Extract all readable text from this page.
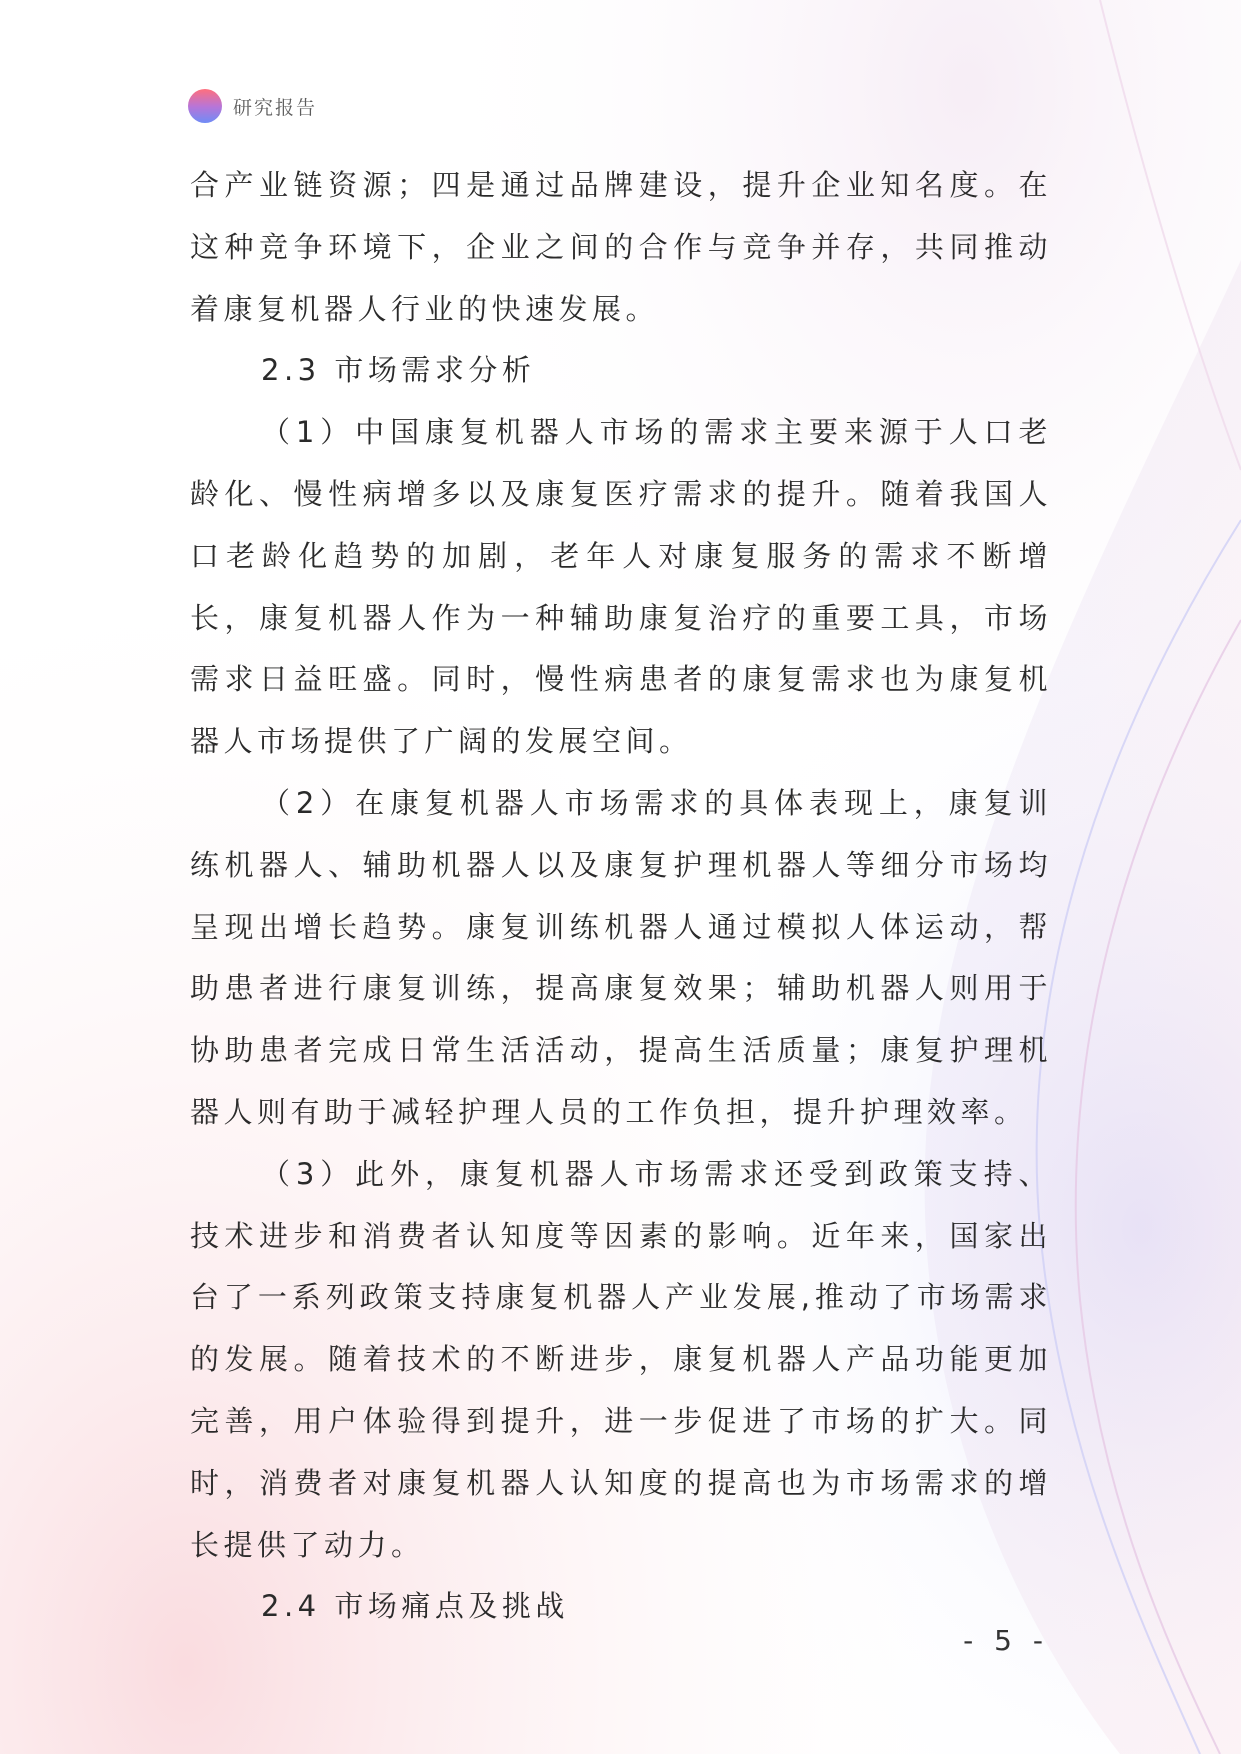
研究报告

合产业链资源；四是通过品牌建设，提升企业知名度。在这种竞争环境下，企业之间的合作与竞争并存，共同推动着康复机器人行业的快速发展。

2.3 市场需求分析

（1）中国康复机器人市场的需求主要来源于人口老龄化、慢性病增多以及康复医疗需求的提升。随着我国人口老龄化趋势的加剧，老年人对康复服务的需求不断增长，康复机器人作为一种辅助康复治疗的重要工具，市场需求日益旺盛。同时，慢性病患者的康复需求也为康复机器人市场提供了广阔的发展空间。

（2）在康复机器人市场需求的具体表现上，康复训练机器人、辅助机器人以及康复护理机器人等细分市场均呈现出增长趋势。康复训练机器人通过模拟人体运动，帮助患者进行康复训练，提高康复效果；辅助机器人则用于协助患者完成日常生活活动，提高生活质量；康复护理机器人则有助于减轻护理人员的工作负担，提升护理效率。

（3）此外，康复机器人市场需求还受到政策支持、技术进步和消费者认知度等因素的影响。近年来，国家出台了一系列政策支持康复机器人产业发展,推动了市场需求的发展。随着技术的不断进步，康复机器人产品功能更加完善，用户体验得到提升，进一步促进了市场的扩大。同时，消费者对康复机器人认知度的提高也为市场需求的增长提供了动力。

2.4 市场痛点及挑战

- 5 -
